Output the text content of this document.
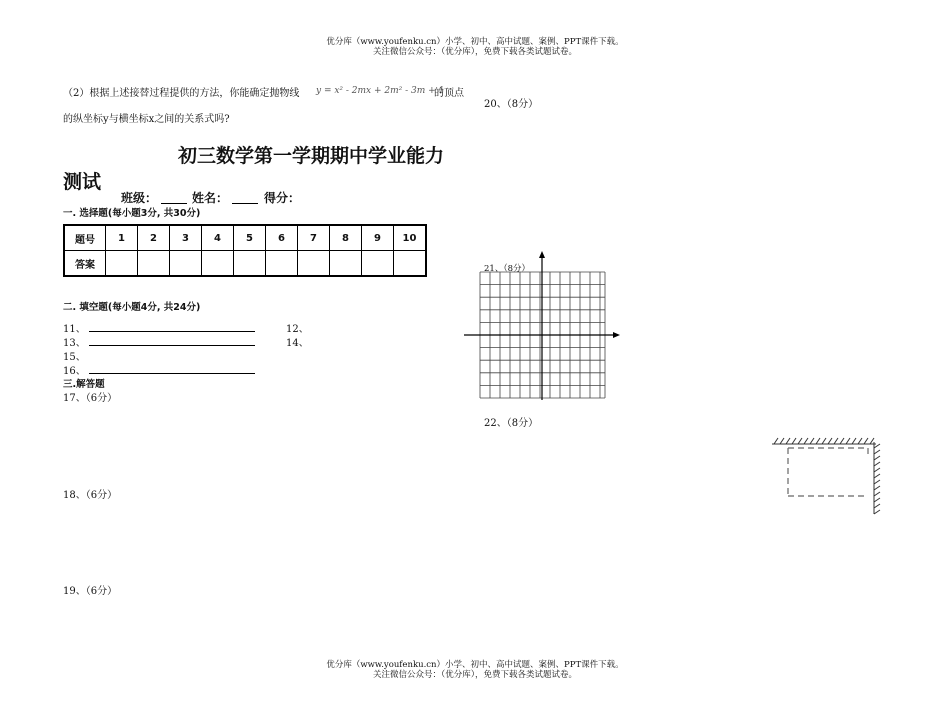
优分库（www.youfenku.cn）小学、初中、高中试题、案例、PPT课件下载。
关注微信公众号：（优分库），免费下载各类试题试卷。
（2）根据上述接替过程提供的方法，你能确定抛物线 y = x² - 2mx + 2m² - 3m + 1
的顶点
的纵坐标y与横坐标x之间的关系式吗?
20、（8分）
初三数学第一学期期中学业能力
测试
班级：	姓名：	得分：
一. 选择题(每小题3分, 共30分)
题号	1	2	3	4	5	6	7	8	9	10
答案										
二. 填空题(每小题4分, 共24分)
11、	12、
13、	14、
15、
16、
三.解答题
17、（6分）
18、（6分）
19、（6分）
21、（8分）
22、（8分）
优分库（www.youfenku.cn）小学、初中、高中试题、案例、PPT课件下载。
关注微信公众号：（优分库），免费下载各类试题试卷。
